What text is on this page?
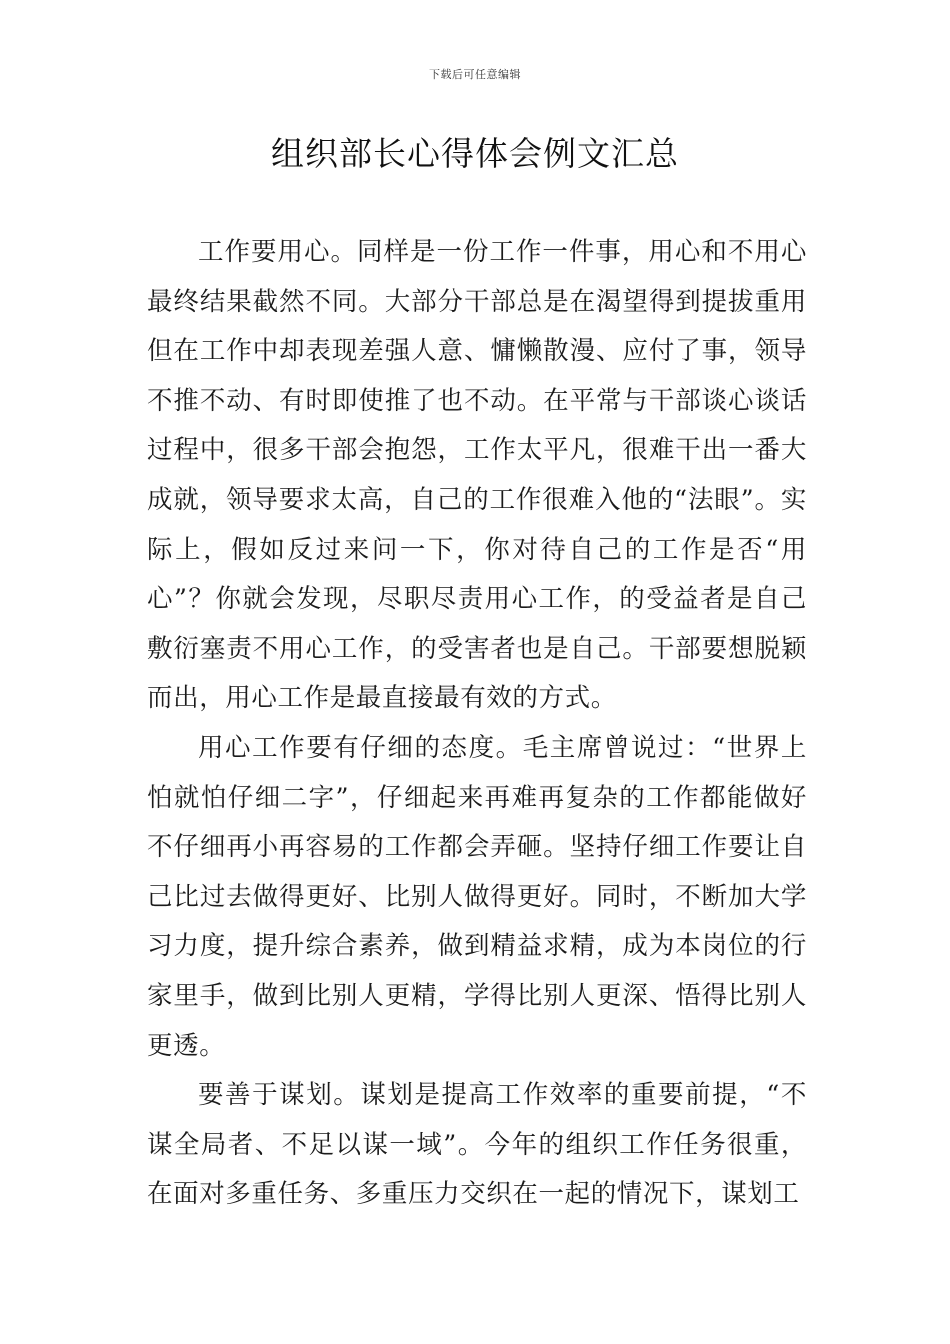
下载后可任意编辑
组织部长心得体会例文汇总

工作要用心。同样是一份工作一件事，用心和不用心最终结果截然不同。大部分干部总是在渴望得到提拔重用但在工作中却表现差强人意、慵懒散漫、应付了事，领导不推不动、有时即使推了也不动。在平常与干部谈心谈话过程中，很多干部会抱怨，工作太平凡，很难干出一番大成就，领导要求太高，自己的工作很难入他的“法眼”。实际上，假如反过来问一下，你对待自己的工作是否“用心”？你就会发现，尽职尽责用心工作，的受益者是自己敷衍塞责不用心工作，的受害者也是自己。干部要想脱颖而出，用心工作是最直接最有效的方式。

用心工作要有仔细的态度。毛主席曾说过：“世界上怕就怕仔细二字”，仔细起来再难再复杂的工作都能做好不仔细再小再容易的工作都会弄砸。坚持仔细工作要让自己比过去做得更好、比别人做得更好。同时，不断加大学习力度，提升综合素养，做到精益求精，成为本岗位的行家里手，做到比别人更精，学得比别人更深、悟得比别人更透。

要善于谋划。谋划是提高工作效率的重要前提，“不谋全局者、不足以谋一域”。今年的组织工作任务很重，在面对多重任务、多重压力交织在一起的情况下，谋划工
